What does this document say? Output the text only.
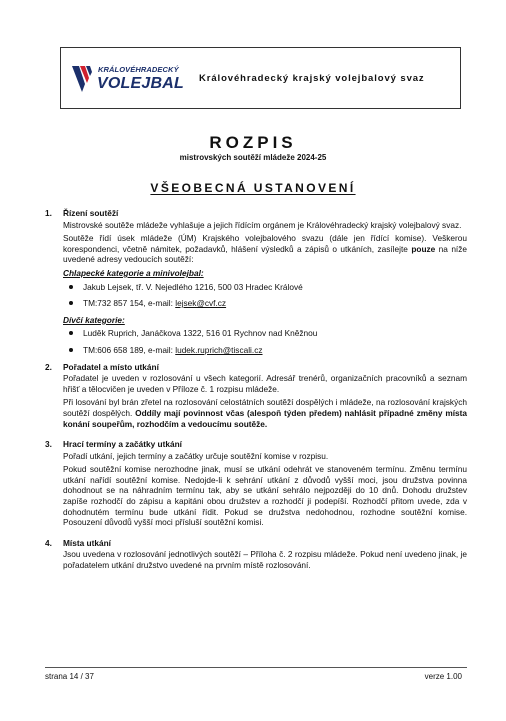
KRÁLOVÉHRADECKÝ
VOLEJBAL Královéhradecký krajský volejbalový svaz
ROZPIS
mistrovských soutěží mládeže 2024-25
VŠEOBECNÁ USTANOVENÍ
1.	Řízení soutěží

Mistrovské soutěže mládeže vyhlašuje a jejich řídícím orgánem je Královéhradecký krajský volejbalový svaz.

Soutěže řídí úsek mládeže (ÚM) Krajského volejbalového svazu (dále jen řídící komise). Veškerou korespondenci, včetně námitek, požadavků, hlášení výsledků a zápisů o utkáních, zasílejte pouze na níže uvedené adresy vedoucích soutěží:

Chlapecké kategorie a minivolejbal:
Jakub Lejsek, tř. V. Nejedlého 1216, 500 03 Hradec Králové
TM:732 857 154, e-mail: lejsek@cvf.cz
Dívčí kategorie:
Luděk Ruprich, Janáčkova 1322, 516 01 Rychnov nad Kněžnou
TM:606 658 189, e-mail: ludek.ruprich@tiscali.cz
2.	Pořadatel a místo utkání

Pořadatel je uveden v rozlosování u všech kategorií. Adresář trenérů, organizačních pracovníků a seznam hřišť a tělocvičen je uveden v Příloze č. 1 rozpisu mládeže.

Při losování byl brán zřetel na rozlosování celostátních soutěží dospělých i mládeže, na rozlosování krajských soutěží dospělých. Oddíly mají povinnost včas (alespoň týden předem) nahlásit případné změny místa konání soupeřům, rozhodčím a vedoucímu soutěže.

3.	Hrací termíny a začátky utkání

Pořadí utkání, jejich termíny a začátky určuje soutěžní komise v rozpisu.

Pokud soutěžní komise nerozhodne jinak, musí se utkání odehrát ve stanoveném termínu. Změnu termínu utkání nařídí soutěžní komise. Nedojde-li k sehrání utkání z důvodů vyšší moci, jsou družstva povinna dohodnout se na náhradním termínu tak, aby se utkání sehrálo nejpozději do 10 dnů. Dohodu družstev zapíše rozhodčí do zápisu a kapitáni obou družstev a rozhodčí ji podepíší. Rozhodčí přitom uvede, zda v dohodnutém termínu bude utkání řídit. Pokud se družstva nedohodnou, rozhodne soutěžní komise. Posouzení důvodů vyšší moci přísluší soutěžní komisi.

4.	Místa utkání

Jsou uvedena v rozlosování jednotlivých soutěží – Příloha č. 2 rozpisu mládeže. Pokud není uvedeno jinak, je pořadatelem utkání družstvo uvedené na prvním místě rozlosování.

strana 14 / 37	verze 1.00
